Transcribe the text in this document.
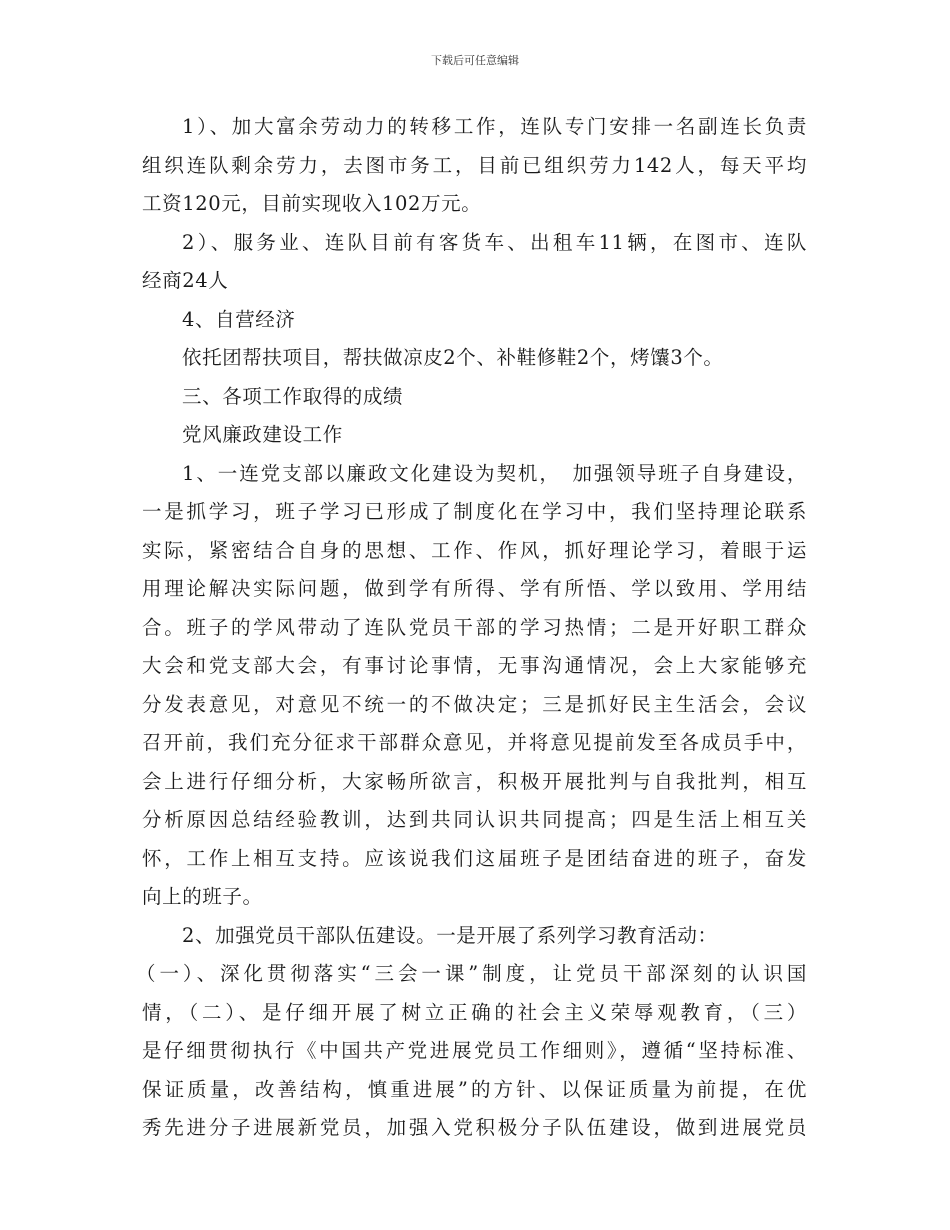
下载后可任意编辑
1）、加大富余劳动力的转移工作，连队专门安排一名副连长负责
组织连队剩余劳力，去图市务工，目前已组织劳力142人，每天平均
工资120元，目前实现收入102万元。
2）、服务业、连队目前有客货车、出租车11辆，在图市、连队
经商24人
4、自营经济
依托团帮扶项目，帮扶做凉皮2个、补鞋修鞋2个，烤馕3个。
三、各项工作取得的成绩
党风廉政建设工作
1、一连党支部以廉政文化建设为契机，　加强领导班子自身建设，
一是抓学习，班子学习已形成了制度化在学习中，我们坚持理论联系
实际，紧密结合自身的思想、工作、作风，抓好理论学习，着眼于运
用理论解决实际问题，做到学有所得、学有所悟、学以致用、学用结
合。班子的学风带动了连队党员干部的学习热情；二是开好职工群众
大会和党支部大会，有事讨论事情，无事沟通情况，会上大家能够充
分发表意见，对意见不统一的不做决定；三是抓好民主生活会，会议
召开前，我们充分征求干部群众意见，并将意见提前发至各成员手中，
会上进行仔细分析，大家畅所欲言，积极开展批判与自我批判，相互
分析原因总结经验教训，达到共同认识共同提高；四是生活上相互关
怀，工作上相互支持。应该说我们这届班子是团结奋进的班子，奋发
向上的班子。
2、加强党员干部队伍建设。一是开展了系列学习教育活动：
（一）、深化贯彻落实“三会一课”制度，让党员干部深刻的认识国
情，（二）、是仔细开展了树立正确的社会主义荣辱观教育，（三）
是仔细贯彻执行《中国共产党进展党员工作细则》，遵循“坚持标准、
保证质量，改善结构，慎重进展”的方针、以保证质量为前提，在优
秀先进分子进展新党员，加强入党积极分子队伍建设，做到进展党员
